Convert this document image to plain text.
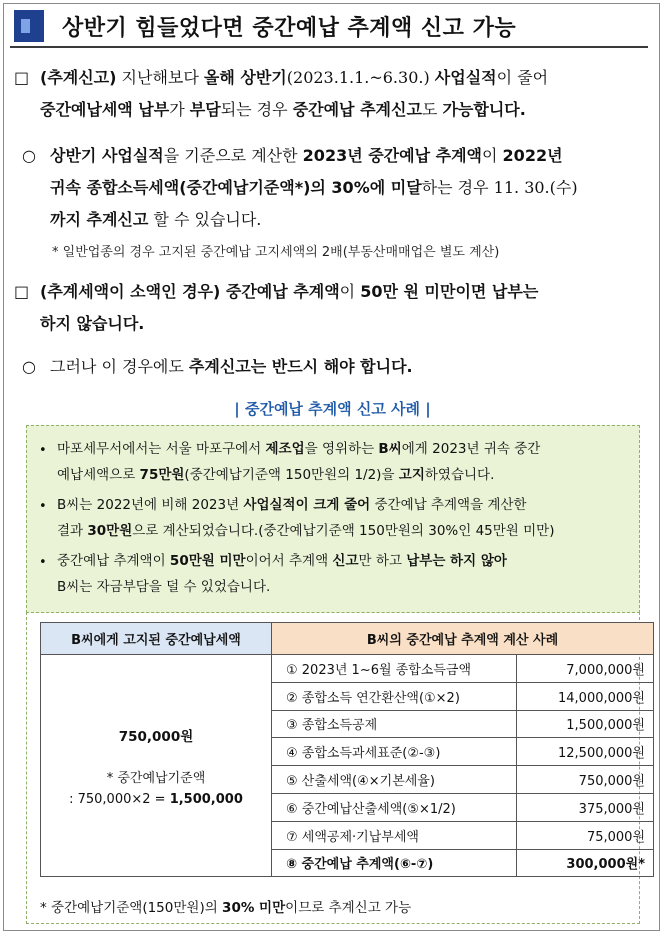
상반기 힘들었다면 중간예납 추계액 신고 가능
□ (추계신고) 지난해보다 올해 상반기(2023.1.1.~6.30.) 사업실적이 줄어
중간예납세액 납부가 부담되는 경우 중간예납 추계신고도 가능합니다.
○ 상반기 사업실적을 기준으로 계산한 2023년 중간예납 추계액이 2022년
귀속 종합소득세액(중간예납기준액*)의 30%에 미달하는 경우 11. 30.(수)
까지 추계신고 할 수 있습니다.
* 일반업종의 경우 고지된 중간예납 고지세액의 2배(부동산매매업은 별도 계산)
□ (추계세액이 소액인 경우) 중간예납 추계액이 50만 원 미만이면 납부는
하지 않습니다.
○ 그러나 이 경우에도 추계신고는 반드시 해야 합니다.
| 중간예납 추계액 신고 사례 |
• 마포세무서에서는 서울 마포구에서 제조업을 영위하는 B씨에게 2023년 귀속 중간
예납세액으로 75만원(중간예납기준액 150만원의 1/2)을 고지하였습니다.
• B씨는 2022년에 비해 2023년 사업실적이 크게 줄어 중간예납 추계액을 계산한
결과 30만원으로 계산되었습니다.(중간예납기준액 150만원의 30%인 45만원 미만)
• 중간예납 추계액이 50만원 미만이어서 추계액 신고만 하고 납부는 하지 않아
B씨는 자금부담을 덜 수 있었습니다.
B씨에게 고지된 중간예납세액	B씨의 중간예납 추계액 계산 사례	

750,000원
* 중간예납기준액
: 750,000×2 = 1,500,000	① 2023년 1~6월 종합소득금액	7,000,000원
	② 종합소득 연간환산액(①×2)	14,000,000원
	③ 종합소득공제	1,500,000원
	④ 종합소득과세표준(②-③)	12,500,000원
	⑤ 산출세액(④×기본세율)	750,000원
	⑥ 중간예납산출세액(⑤×1/2)	375,000원
	⑦ 세액공제·기납부세액	75,000원
	⑧ 중간예납 추계액(⑥-⑦)	300,000원*
* 중간예납기준액(150만원)의 30% 미만이므로 추계신고 가능
